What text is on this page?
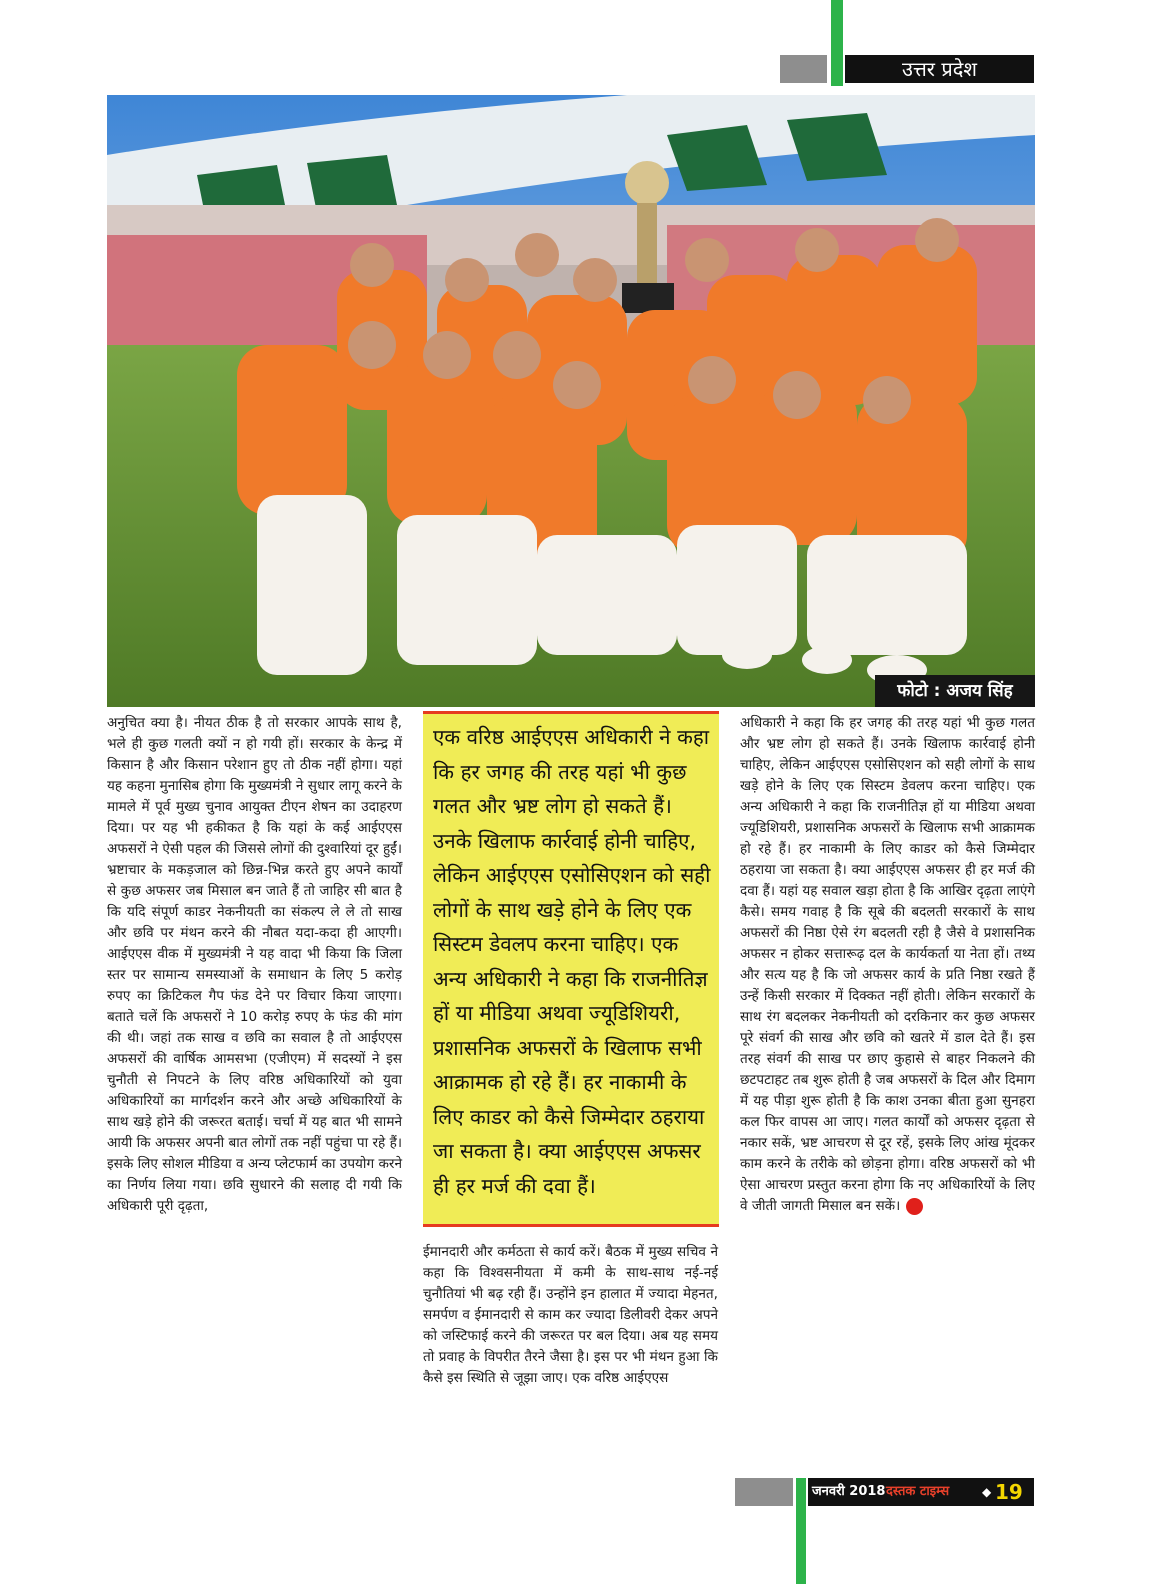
उत्तर प्रदेश
फोटो : अजय सिंह

अनुचित क्या है। नीयत ठीक है तो सरकार आपके साथ है, भले ही कुछ गलती क्यों न हो गयी हों। सरकार के केन्द्र में किसान है और किसान परेशान हुए तो ठीक नहीं होगा। यहां यह कहना मुनासिब होगा कि मुख्यमंत्री ने सुधार लागू करने के मामले में पूर्व मुख्य चुनाव आयुक्त टीएन शेषन का उदाहरण दिया। पर यह भी हकीकत है कि यहां के कई आईएएस अफसरों ने ऐसी पहल की जिससे लोगों की दुश्वारियां दूर हुईं। भ्रष्टाचार के मकड़जाल को छिन्न-भिन्न करते हुए अपने कार्यों से कुछ अफसर जब मिसाल बन जाते हैं तो जाहिर सी बात है कि यदि संपूर्ण काडर नेकनीयती का संकल्प ले ले तो साख और छवि पर मंथन करने की नौबत यदा-कदा ही आएगी। आईएएस वीक में मुख्यमंत्री ने यह वादा भी किया कि जिला स्तर पर सामान्य समस्याओं के समाधान के लिए 5 करोड़ रुपए का क्रिटिकल गैप फंड देने पर विचार किया जाएगा। बताते चलें कि अफसरों ने 10 करोड़ रुपए के फंड की मांग की थी। जहां तक साख व छवि का सवाल है तो आईएएस अफसरों की वार्षिक आमसभा (एजीएम) में सदस्यों ने इस चुनौती से निपटने के लिए वरिष्ठ अधिकारियों को युवा अधिकारियों का मार्गदर्शन करने और अच्छे अधिकारियों के साथ खड़े होने की जरूरत बताई। चर्चा में यह बात भी सामने आयी कि अफसर अपनी बात लोगों तक नहीं पहुंचा पा रहे हैं। इसके लिए सोशल मीडिया व अन्य प्लेटफार्म का उपयोग करने का निर्णय लिया गया। छवि सुधारने की सलाह दी गयी कि अधिकारी पूरी दृढ़ता,

एक वरिष्ठ आईएएस अधिकारी ने कहा कि हर जगह की तरह यहां भी कुछ गलत और भ्रष्ट लोग हो सकते हैं। उनके खिलाफ कार्रवाई होनी चाहिए, लेकिन आईएएस एसोसिएशन को सही लोगों के साथ खड़े होने के लिए एक सिस्टम डेवलप करना चाहिए। एक अन्य अधिकारी ने कहा कि राजनीतिज्ञ हों या मीडिया अथवा ज्यूडिशियरी, प्रशासनिक अफसरों के खिलाफ सभी आक्रामक हो रहे हैं। हर नाकामी के लिए काडर को कैसे जिम्मेदार ठहराया जा सकता है। क्या आईएएस अफसर ही हर मर्ज की दवा हैं।

ईमानदारी और कर्मठता से कार्य करें। बैठक में मुख्य सचिव ने कहा कि विश्वसनीयता में कमी के साथ-साथ नई-नई चुनौतियां भी बढ़ रही हैं। उन्होंने इन हालात में ज्यादा मेहनत, समर्पण व ईमानदारी से काम कर ज्यादा डिलीवरी देकर अपने को जस्टिफाई करने की जरूरत पर बल दिया। अब यह समय तो प्रवाह के विपरीत तैरने जैसा है। इस पर भी मंथन हुआ कि कैसे इस स्थिति से जूझा जाए। एक वरिष्ठ आईएएस

अधिकारी ने कहा कि हर जगह की तरह यहां भी कुछ गलत और भ्रष्ट लोग हो सकते हैं। उनके खिलाफ कार्रवाई होनी चाहिए, लेकिन आईएएस एसोसिएशन को सही लोगों के साथ खड़े होने के लिए एक सिस्टम डेवलप करना चाहिए। एक अन्य अधिकारी ने कहा कि राजनीतिज्ञ हों या मीडिया अथवा ज्यूडिशियरी, प्रशासनिक अफसरों के खिलाफ सभी आक्रामक हो रहे हैं। हर नाकामी के लिए काडर को कैसे जिम्मेदार ठहराया जा सकता है। क्या आईएएस अफसर ही हर मर्ज की दवा हैं। यहां यह सवाल खड़ा होता है कि आखिर दृढ़ता लाएंगे कैसे। समय गवाह है कि सूबे की बदलती सरकारों के साथ अफसरों की निष्ठा ऐसे रंग बदलती रही है जैसे वे प्रशासनिक अफसर न होकर सत्तारूढ़ दल के कार्यकर्ता या नेता हों। तथ्य और सत्य यह है कि जो अफसर कार्य के प्रति निष्ठा रखते हैं उन्हें किसी सरकार में दिक्कत नहीं होती। लेकिन सरकारों के साथ रंग बदलकर नेकनीयती को दरकिनार कर कुछ अफसर पूरे संवर्ग की साख और छवि को खतरे में डाल देते हैं। इस तरह संवर्ग की साख पर छाए कुहासे से बाहर निकलने की छटपटाहट तब शुरू होती है जब अफसरों के दिल और दिमाग में यह पीड़ा शुरू होती है कि काश उनका बीता हुआ सुनहरा कल फिर वापस आ जाए। गलत कार्यों को अफसर दृढ़ता से नकार सकें, भ्रष्ट आचरण से दूर रहें, इसके लिए आंख मूंदकर काम करने के तरीके को छोड़ना होगा। वरिष्ठ अफसरों को भी ऐसा आचरण प्रस्तुत करना होगा कि नए अधिकारियों के लिए वे जीती जागती मिसाल बन सकें।

जनवरी 2018 दस्तक टाइम्स	◆ 19
